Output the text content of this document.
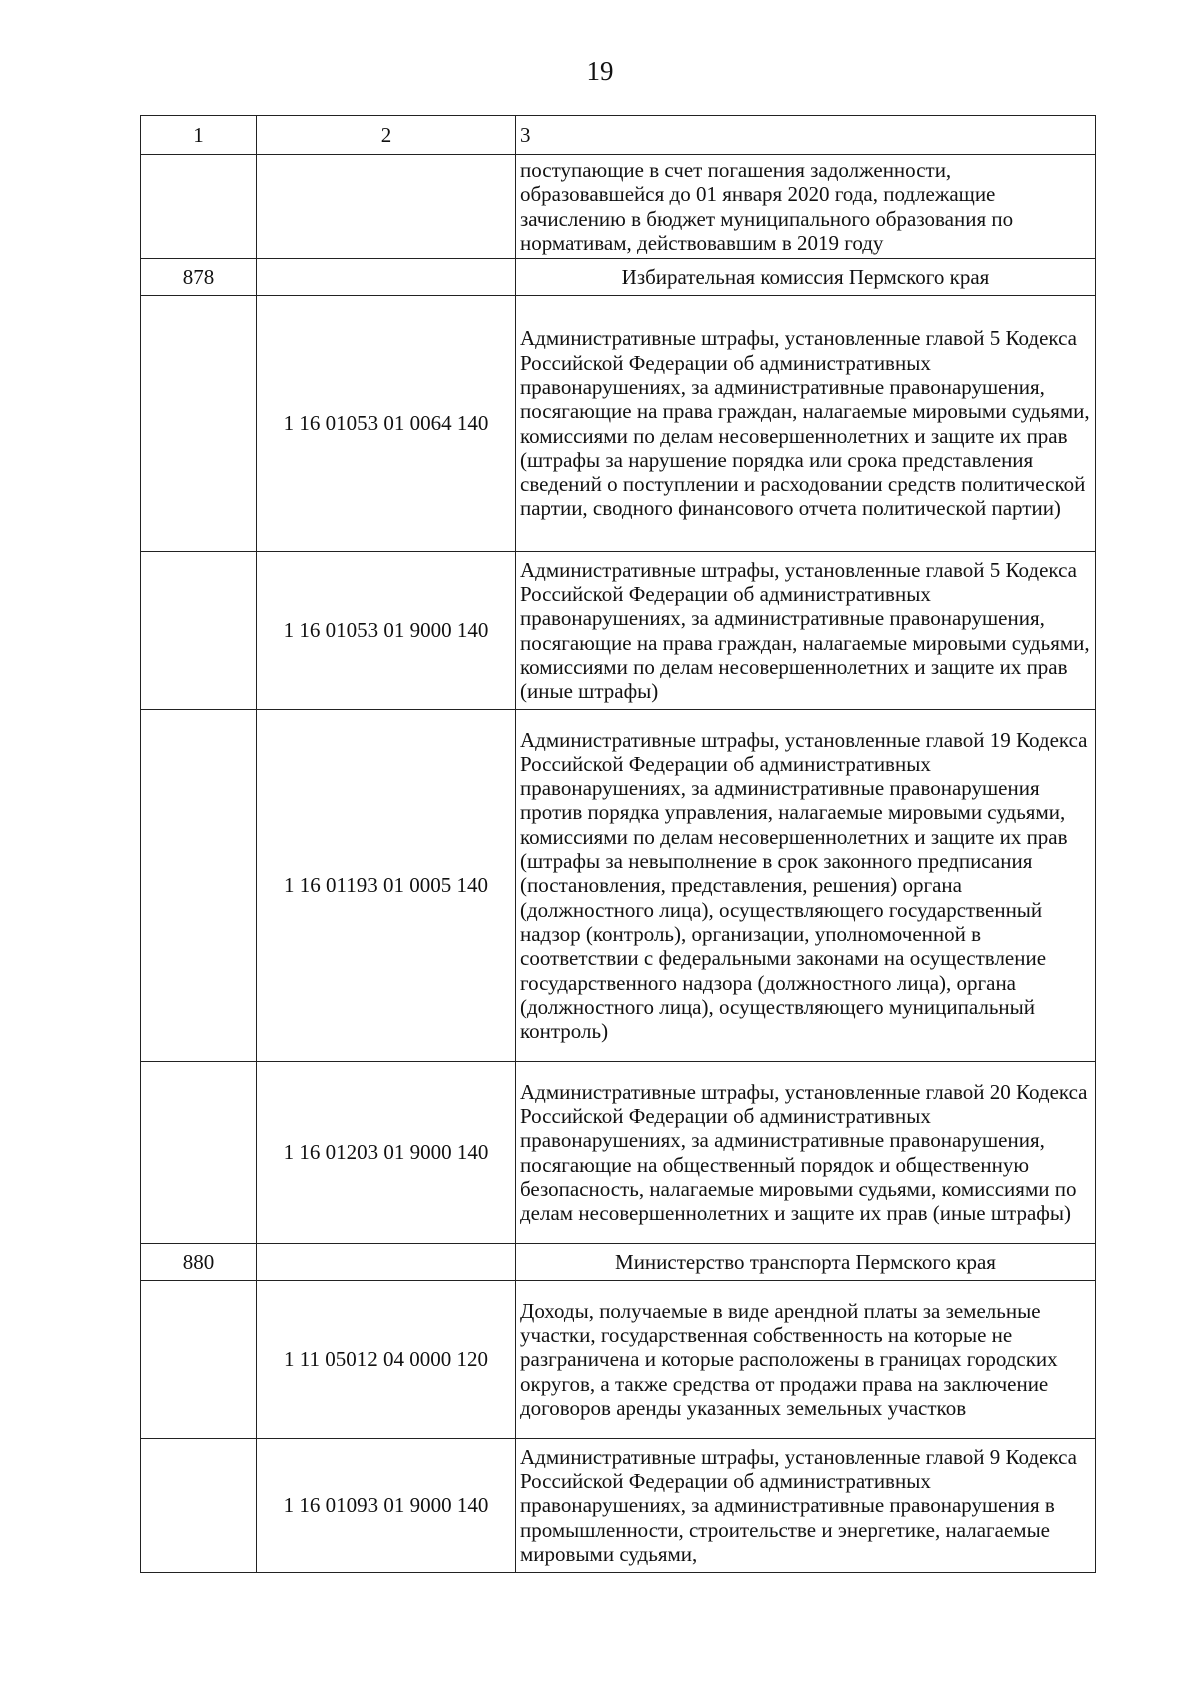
19
1	2	3
		поступающие в счет погашения задолженности, образовавшейся до 01 января 2020 года, подлежащие зачислению в бюджет муниципального образования по нормативам, действовавшим в 2019 году
878		Избирательная комиссия Пермского края
	1 16 01053 01 0064 140	Административные штрафы, установленные главой 5 Кодекса Российской Федерации об административных правонарушениях, за административные правонарушения, посягающие на права граждан, налагаемые мировыми судьями, комиссиями по делам несовершеннолетних и защите их прав (штрафы за нарушение порядка или срока представления сведений о поступлении и расходовании средств политической партии, сводного финансового отчета политической партии)
	1 16 01053 01 9000 140	Административные штрафы, установленные главой 5 Кодекса Российской Федерации об административных правонарушениях, за административные правонарушения, посягающие на права граждан, налагаемые мировыми судьями, комиссиями по делам несовершеннолетних и защите их прав (иные штрафы)
	1 16 01193 01 0005 140	Административные штрафы, установленные главой 19 Кодекса Российской Федерации об административных правонарушениях, за административные правонарушения против порядка управления, налагаемые мировыми судьями, комиссиями по делам несовершеннолетних и защите их прав (штрафы за невыполнение в срок законного предписания (постановления, представления, решения) органа (должностного лица), осуществляющего государственный надзор (контроль), организации, уполномоченной в соответствии с федеральными законами на осуществление государственного надзора (должностного лица), органа (должностного лица), осуществляющего муниципальный контроль)
	1 16 01203 01 9000 140	Административные штрафы, установленные главой 20 Кодекса Российской Федерации об административных правонарушениях, за административные правонарушения, посягающие на общественный порядок и общественную безопасность, налагаемые мировыми судьями, комиссиями по делам несовершеннолетних и защите их прав (иные штрафы)
880		Министерство транспорта Пермского края
	1 11 05012 04 0000 120	Доходы, получаемые в виде арендной платы за земельные участки, государственная собственность на которые не разграничена и которые расположены в границах городских округов, а также средства от продажи права на заключение договоров аренды указанных земельных участков
	1 16 01093 01 9000 140	Административные штрафы, установленные главой 9 Кодекса Российской Федерации об административных правонарушениях, за административные правонарушения в промышленности, строительстве и энергетике, налагаемые мировыми судьями,
